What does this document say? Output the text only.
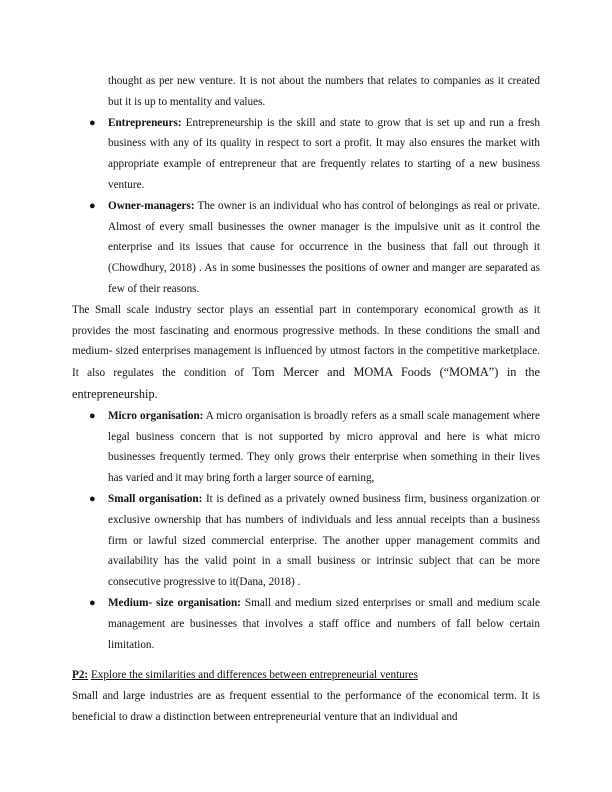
thought as per new venture. It is not about the numbers that relates to companies as it created but it is up to mentality and values.

● Entrepreneurs: Entrepreneurship is the skill and state to grow that is set up and run a fresh business with any of its quality in respect to sort a profit. It may also ensures the market with appropriate example of entrepreneur that are frequently relates to starting of a new business venture.

● Owner-managers: The owner is an individual who has control of belongings as real or private. Almost of every small businesses the owner manager is the impulsive unit as it control the enterprise and its issues that cause for occurrence in the business that fall out through it (Chowdhury, 2018) . As in some businesses the positions of owner and manger are separated as few of their reasons.

The Small scale industry sector plays an essential part in contemporary economical growth as it provides the most fascinating and enormous progressive methods. In these conditions the small and medium- sized enterprises management is influenced by utmost factors in the competitive marketplace. It also regulates the condition of Tom Mercer and MOMA Foods (“MOMA”) in the entrepreneurship.

● Micro organisation: A micro organisation is broadly refers as a small scale management where legal business concern that is not supported by micro approval and here is what micro businesses frequently termed. They only grows their enterprise when something in their lives has varied and it may bring forth a larger source of earning,

● Small organisation: It is defined as a privately owned business firm, business organization or exclusive ownership that has numbers of individuals and less annual receipts than a business firm or lawful sized commercial enterprise. The another upper management commits and availability has the valid point in a small business or intrinsic subject that can be more consecutive progressive to it(Dana, 2018) .

● Medium- size organisation: Small and medium sized enterprises or small and medium scale management are businesses that involves a staff office and numbers of fall below certain limitation.

P2: Explore the similarities and differences between entrepreneurial ventures

Small and large industries are as frequent essential to the performance of the economical term. It is beneficial to draw a distinction between entrepreneurial venture that an individual and
